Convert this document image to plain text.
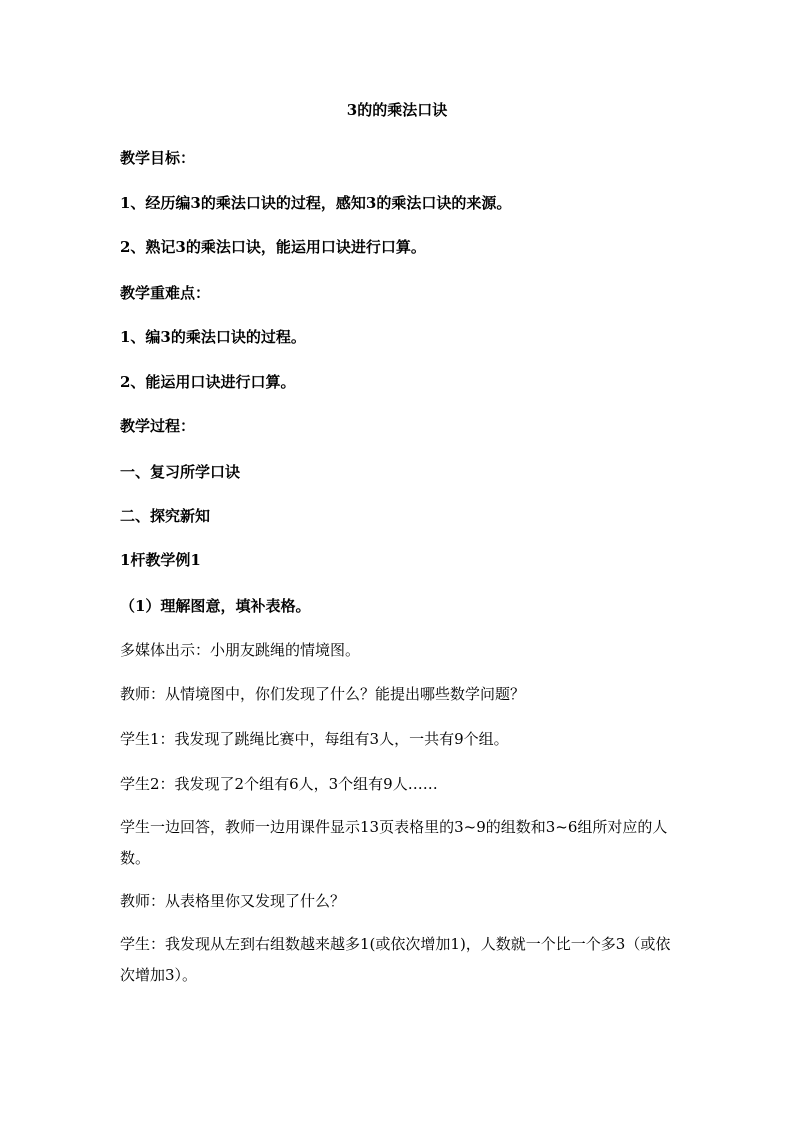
3的的乘法口诀
教学目标：
1、经历编3的乘法口诀的过程，感知3的乘法口诀的来源。
2、熟记3的乘法口诀，能运用口诀进行口算。
教学重难点：
1、编3的乘法口诀的过程。
2、能运用口诀进行口算。
教学过程：
一、复习所学口诀
二、探究新知
1杆教学例1
（1）理解图意，填补表格。
多媒体出示：小朋友跳绳的情境图。
教师：从情境图中，你们发现了什么？能提出哪些数学问题？
学生1：我发现了跳绳比赛中，每组有3人，一共有9个组。
学生2：我发现了2个组有6人，3个组有9人……
学生一边回答，教师一边用课件显示13页表格里的3~9的组数和3~6组所对应的人数。
教师：从表格里你又发现了什么？
学生：我发现从左到右组数越来越多1(或依次增加1)，人数就一个比一个多3（或依次增加3）。
